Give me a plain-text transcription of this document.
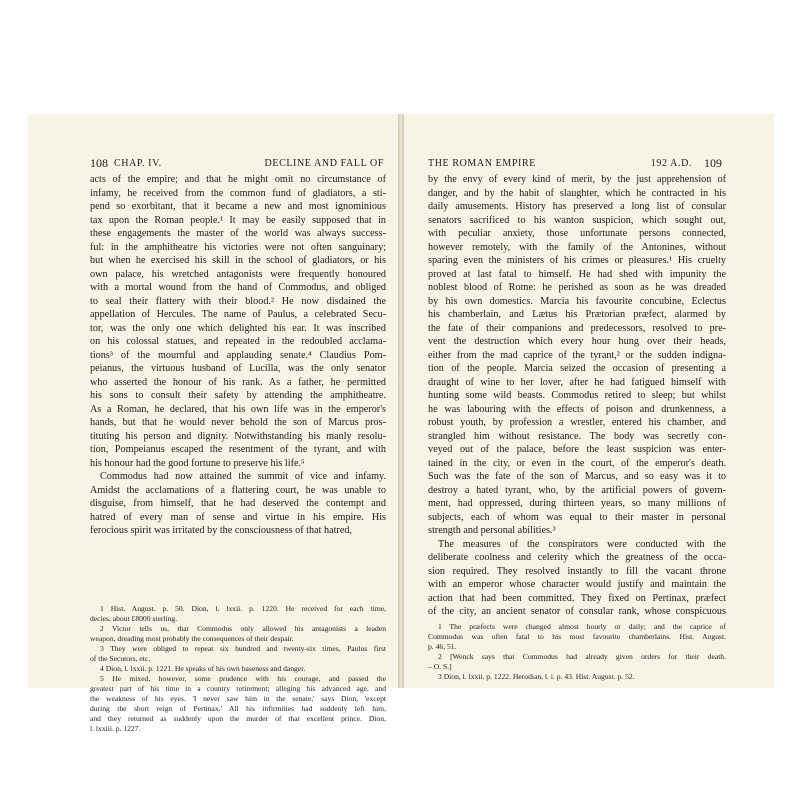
108 CHAP. IV.	DECLINE AND FALL OF
acts of the empire; and that he might omit no circumstance of
infamy, he received from the common fund of gladiators, a sti-
pend so exorbitant, that it became a new and most ignominious
tax upon the Roman people.¹ It may be easily supposed that in
these engagements the master of the world was always success-
ful: in the amphitheatre his victories were not often sanguinary;
but when he exercised his skill in the school of gladiators, or his
own palace, his wretched antagonists were frequently honoured
with a mortal wound from the hand of Commodus, and obliged
to seal their flattery with their blood.² He now disdained the
appellation of Hercules. The name of Paulus, a celebrated Secu-
tor, was the only one which delighted his ear. It was inscribed
on his colossal statues, and repeated in the redoubled acclama-
tions³ of the mournful and applauding senate.⁴ Claudius Pom-
peianus, the virtuous husband of Lucilla, was the only senator
who asserted the honour of his rank. As a father, he permitted
his sons to consult their safety by attending the amphitheatre.
As a Roman, he declared, that his own life was in the emperor's
hands, but that he would never behold the son of Marcus pros-
tituting his person and dignity. Notwithstanding his manly resolu-
tion, Pompeianus escaped the resentment of the tyrant, and with
his honour had the good fortune to preserve his life.⁵
Commodus had now attained the summit of vice and infamy.
Amidst the acclamations of a flattering court, he was unable to
disguise, from himself, that he had deserved the contempt and
hatred of every man of sense and virtue in his empire. His
ferocious spirit was irritated by the consciousness of that hatred,
1 Hist. August. p. 50. Dion, l. lxxii. p. 1220. He received for each time,
decies, about £8000 sterling.
2 Victor tells us, that Commodus only allowed his antagonists a leaden
weapon, dreading most probably the consequences of their despair.
3 They were obliged to repeat six hundred and twenty-six times, Paulus first
of the Secutors, etc.
4 Dion, l. lxxii. p. 1221. He speaks of his own baseness and danger.
5 He mixed, however, some prudence with his courage, and passed the
greatest part of his time in a country retirement; alleging his advanced age, and
the weakness of his eyes. 'I never saw him in the senate,' says Dion, 'except
during the short reign of Pertinax.' All his infirmities had suddenly left him,
and they returned as suddenly upon the murder of that excellent prince. Dion,
l. lxxiii. p. 1227.
THE ROMAN EMPIRE	192 A.D. 109
by the envy of every kind of merit, by the just apprehension of
danger, and by the habit of slaughter, which he contracted in his
daily amusements. History has preserved a long list of consular
senators sacrificed to his wanton suspicion, which sought out,
with peculiar anxiety, those unfortunate persons connected,
however remotely, with the family of the Antonines, without
sparing even the ministers of his crimes or pleasures.¹ His cruelty
proved at last fatal to himself. He had shed with impunity the
noblest blood of Rome: he perished as soon as he was dreaded
by his own domestics. Marcia his favourite concubine, Eclectus
his chamberlain, and Lætus his Prætorian præfect, alarmed by
the fate of their companions and predecessors, resolved to pre-
vent the destruction which every hour hung over their heads,
either from the mad caprice of the tyrant,² or the sudden indigna-
tion of the people. Marcia seized the occasion of presenting a
draught of wine to her lover, after he had fatigued himself with
hunting some wild beasts. Commodus retired to sleep; but whilst
he was labouring with the effects of poison and drunkenness, a
robust youth, by profession a wrestler, entered his chamber, and
strangled him without resistance. The body was secretly con-
veyed out of the palace, before the least suspicion was enter-
tained in the city, or even in the court, of the emperor's death.
Such was the fate of the son of Marcus, and so easy was it to
destroy a hated tyrant, who, by the artificial powers of govern-
ment, had oppressed, during thirteen years, so many millions of
subjects, each of whom was equal to their master in personal
strength and personal abilities.³
The measures of the conspirators were conducted with the
deliberate coolness and celerity which the greatness of the occa-
sion required. They resolved instantly to fill the vacant throne
with an emperor whose character would justify and maintain the
action that had been committed. They fixed on Pertinax, præfect
of the city, an ancient senator of consular rank, whose conspicuous
1 The præfects were changed almost hourly or daily; and the caprice of
Commodus was often fatal to his most favourite chamberlains. Hist. August.
p. 46, 51.
2 [Wenck says that Commodus had already given orders for their death.
– O. S.]
3 Dion, l. lxxii. p. 1222. Herodian, l. i. p. 43. Hist. August. p. 52.
